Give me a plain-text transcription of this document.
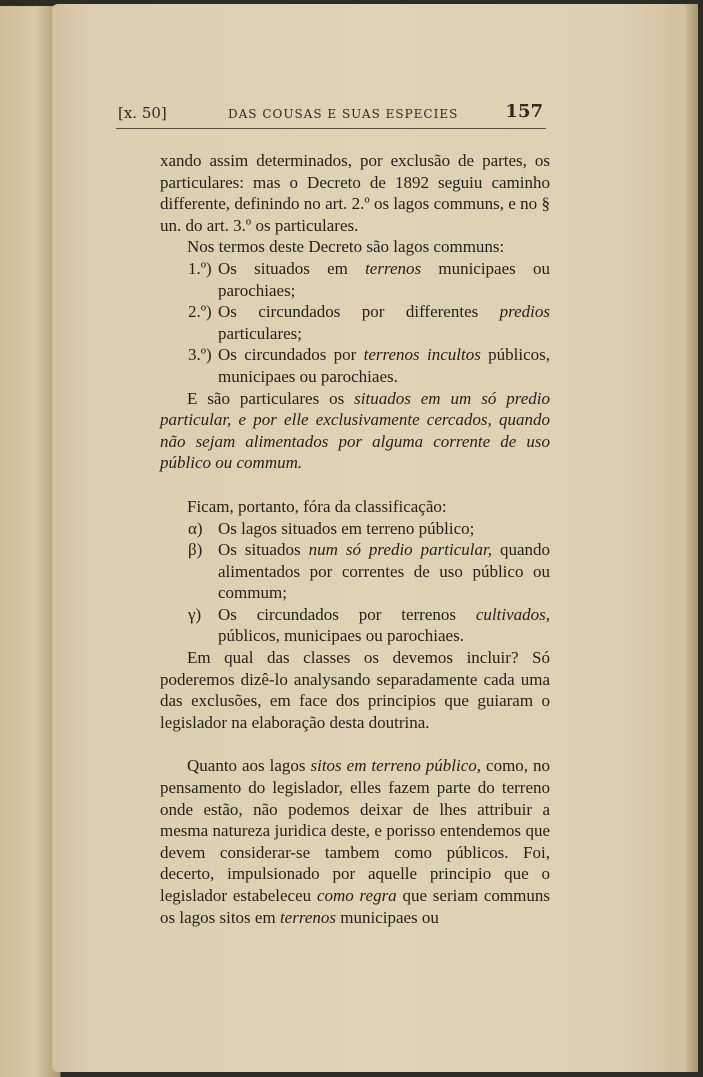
[x. 50]	DAS COUSAS E SUAS ESPECIES	157

xando assim determinados, por exclusão de partes, os particulares: mas o Decreto de 1892 seguiu caminho differente, definindo no art. 2.º os lagos communs, e no § un. do art. 3.º os particulares.

Nos termos deste Decreto são lagos communs:

1.º) Os situados em terrenos municipaes ou parochiaes;
2.º) Os circundados por differentes predios particulares;
3.º) Os circundados por terrenos incultos públicos, municipaes ou parochiaes.

E são particulares os situados em um só predio particular, e por elle exclusivamente cercados, quando não sejam alimentados por alguma corrente de uso público ou commum.

Ficam, portanto, fóra da classificação:

α) Os lagos situados em terreno público;
β) Os situados num só predio particular, quando alimentados por correntes de uso público ou commum;
γ) Os circundados por terrenos cultivados, públicos, municipaes ou parochiaes.

Em qual das classes os devemos incluir? Só poderemos dizê-lo analysando separadamente cada uma das exclusões, em face dos principios que guiaram o legislador na elaboração desta doutrina.

Quanto aos lagos sitos em terreno público, como, no pensamento do legislador, elles fazem parte do terreno onde estão, não podemos deixar de lhes attribuir a mesma natureza juridica deste, e porisso entendemos que devem considerar-se tambem como públicos. Foi, decerto, impulsionado por aquelle principio que o legislador estabeleceu como regra que seriam communs os lagos sitos em terrenos municipaes ou
